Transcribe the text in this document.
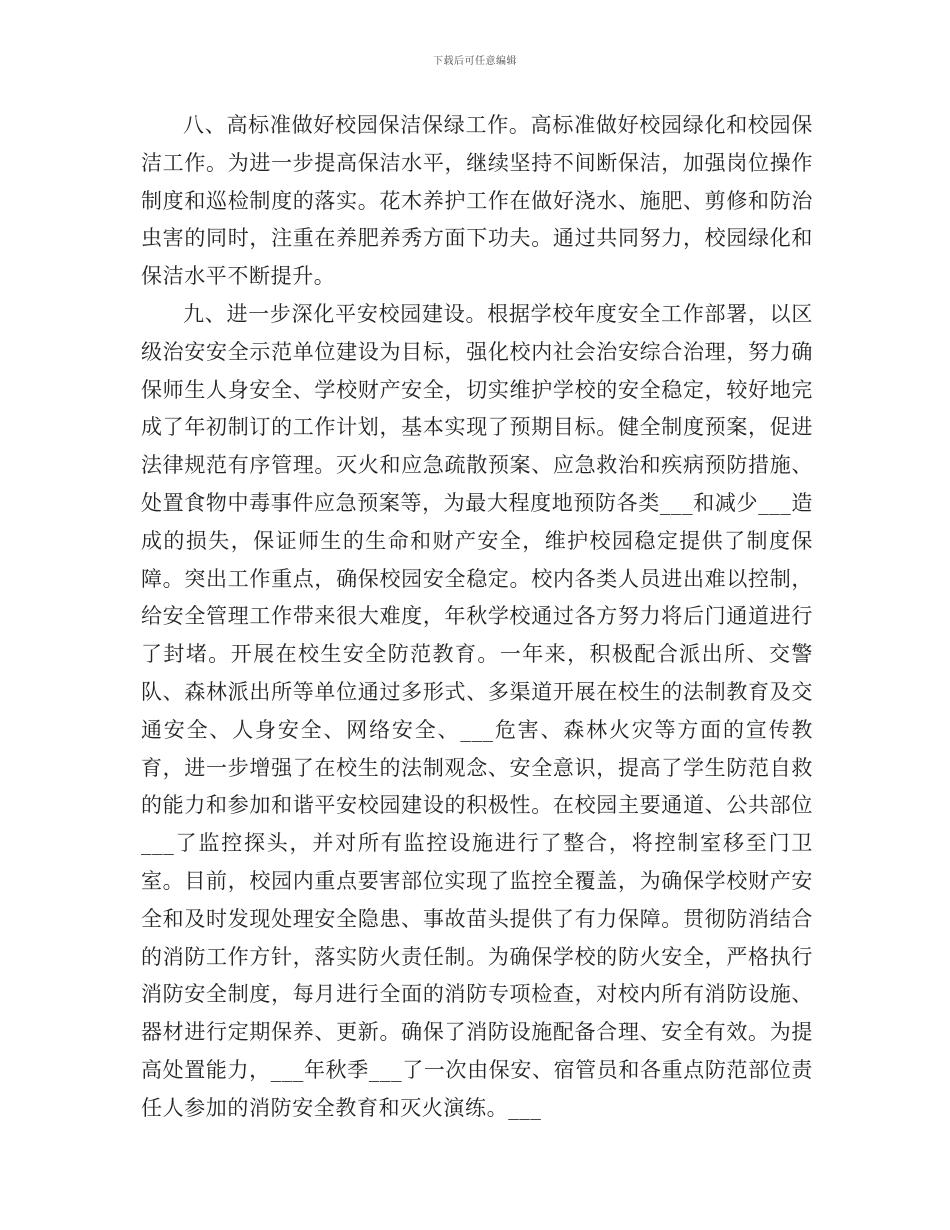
下载后可任意编辑

八、高标准做好校园保洁保绿工作。高标准做好校园绿化和校园保洁工作。为进一步提高保洁水平，继续坚持不间断保洁，加强岗位操作制度和巡检制度的落实。花木养护工作在做好浇水、施肥、剪修和防治虫害的同时，注重在养肥养秀方面下功夫。通过共同努力，校园绿化和保洁水平不断提升。

九、进一步深化平安校园建设。根据学校年度安全工作部署，以区级治安安全示范单位建设为目标，强化校内社会治安综合治理，努力确保师生人身安全、学校财产安全，切实维护学校的安全稳定，较好地完成了年初制订的工作计划，基本实现了预期目标。健全制度预案，促进法律规范有序管理。灭火和应急疏散预案、应急救治和疾病预防措施、处置食物中毒事件应急预案等，为最大程度地预防各类___和减少___造成的损失，保证师生的生命和财产安全，维护校园稳定提供了制度保障。突出工作重点，确保校园安全稳定。校内各类人员进出难以控制，给安全管理工作带来很大难度，年秋学校通过各方努力将后门通道进行了封堵。开展在校生安全防范教育。一年来，积极配合派出所、交警队、森林派出所等单位通过多形式、多渠道开展在校生的法制教育及交通安全、人身安全、网络安全、___危害、森林火灾等方面的宣传教育，进一步增强了在校生的法制观念、安全意识，提高了学生防范自救的能力和参加和谐平安校园建设的积极性。在校园主要通道、公共部位___了监控探头，并对所有监控设施进行了整合，将控制室移至门卫室。目前，校园内重点要害部位实现了监控全覆盖，为确保学校财产安全和及时发现处理安全隐患、事故苗头提供了有力保障。贯彻防消结合的消防工作方针，落实防火责任制。为确保学校的防火安全，严格执行消防安全制度，每月进行全面的消防专项检查，对校内所有消防设施、器材进行定期保养、更新。确保了消防设施配备合理、安全有效。为提高处置能力，___年秋季___了一次由保安、宿管员和各重点防范部位责任人参加的消防安全教育和灭火演练。___
